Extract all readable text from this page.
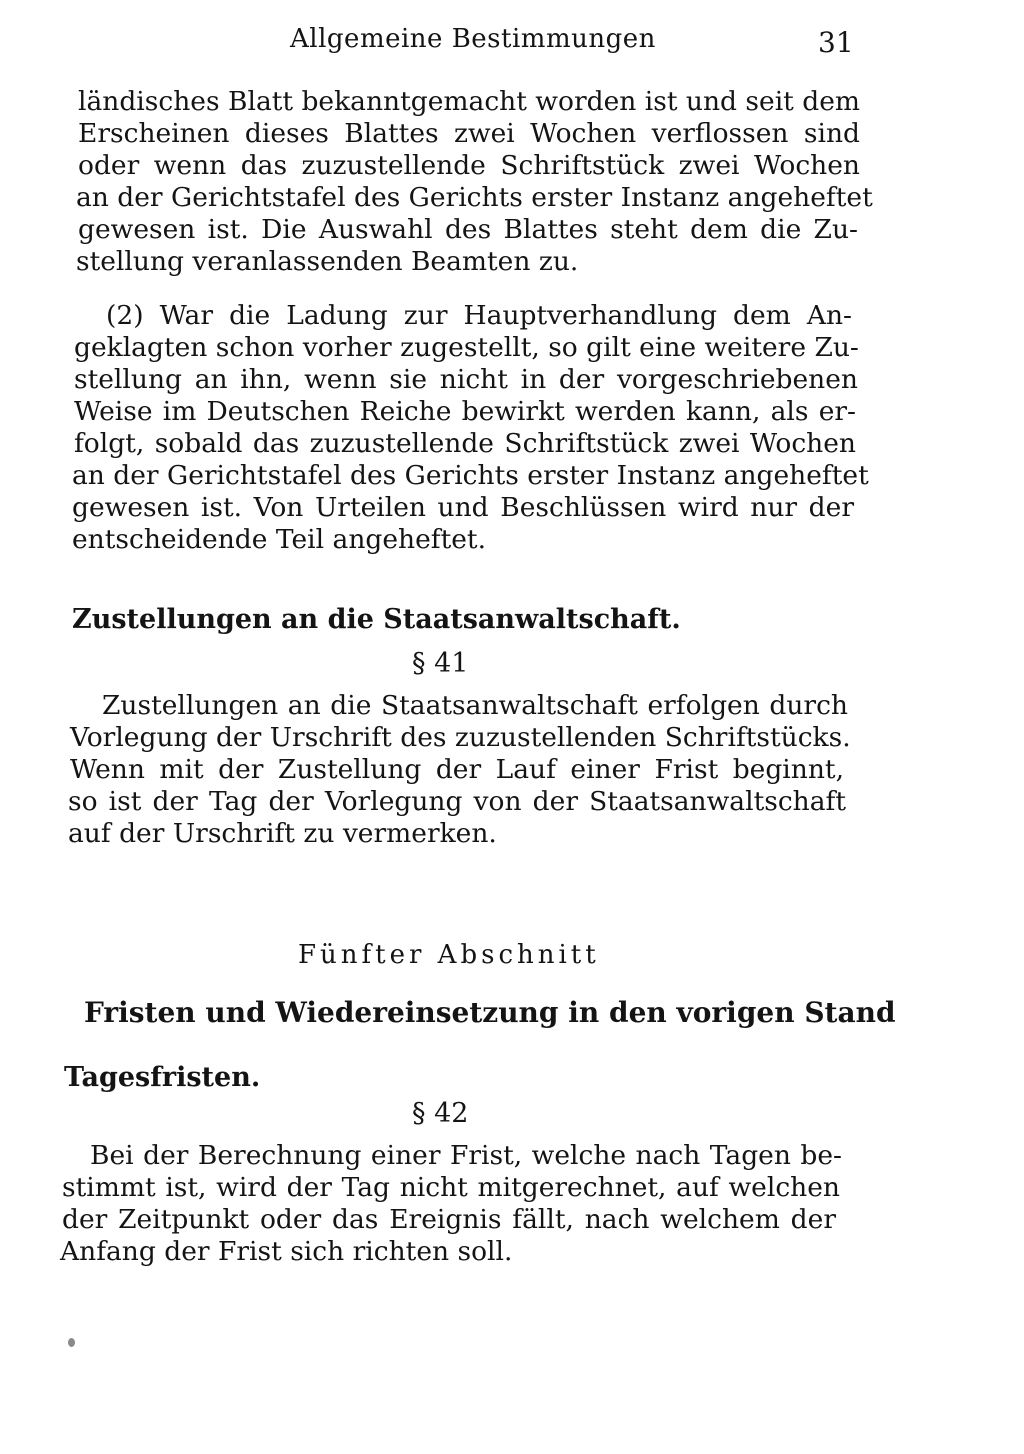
Allgemeine Bestimmungen	31
ländisches Blatt bekanntgemacht worden ist und seit dem
Erscheinen dieses Blattes zwei Wochen verflossen sind
oder wenn das zuzustellende Schriftstück zwei Wochen
an der Gerichtstafel des Gerichts erster Instanz angeheftet
gewesen ist. Die Auswahl des Blattes steht dem die Zu-
stellung veranlassenden Beamten zu.
(2) War die Ladung zur Hauptverhandlung dem An-
geklagten schon vorher zugestellt, so gilt eine weitere Zu-
stellung an ihn, wenn sie nicht in der vorgeschriebenen
Weise im Deutschen Reiche bewirkt werden kann, als er-
folgt, sobald das zuzustellende Schriftstück zwei Wochen
an der Gerichtstafel des Gerichts erster Instanz angeheftet
gewesen ist. Von Urteilen und Beschlüssen wird nur der
entscheidende Teil angeheftet.
Zustellungen an die Staatsanwaltschaft.
§ 41
Zustellungen an die Staatsanwaltschaft erfolgen durch
Vorlegung der Urschrift des zuzustellenden Schriftstücks.
Wenn mit der Zustellung der Lauf einer Frist beginnt,
so ist der Tag der Vorlegung von der Staatsanwaltschaft
auf der Urschrift zu vermerken.
Fünfter Abschnitt
Fristen und Wiedereinsetzung in den vorigen Stand
Tagesfristen.
§ 42
Bei der Berechnung einer Frist, welche nach Tagen be-
stimmt ist, wird der Tag nicht mitgerechnet, auf welchen
der Zeitpunkt oder das Ereignis fällt, nach welchem der
Anfang der Frist sich richten soll.
